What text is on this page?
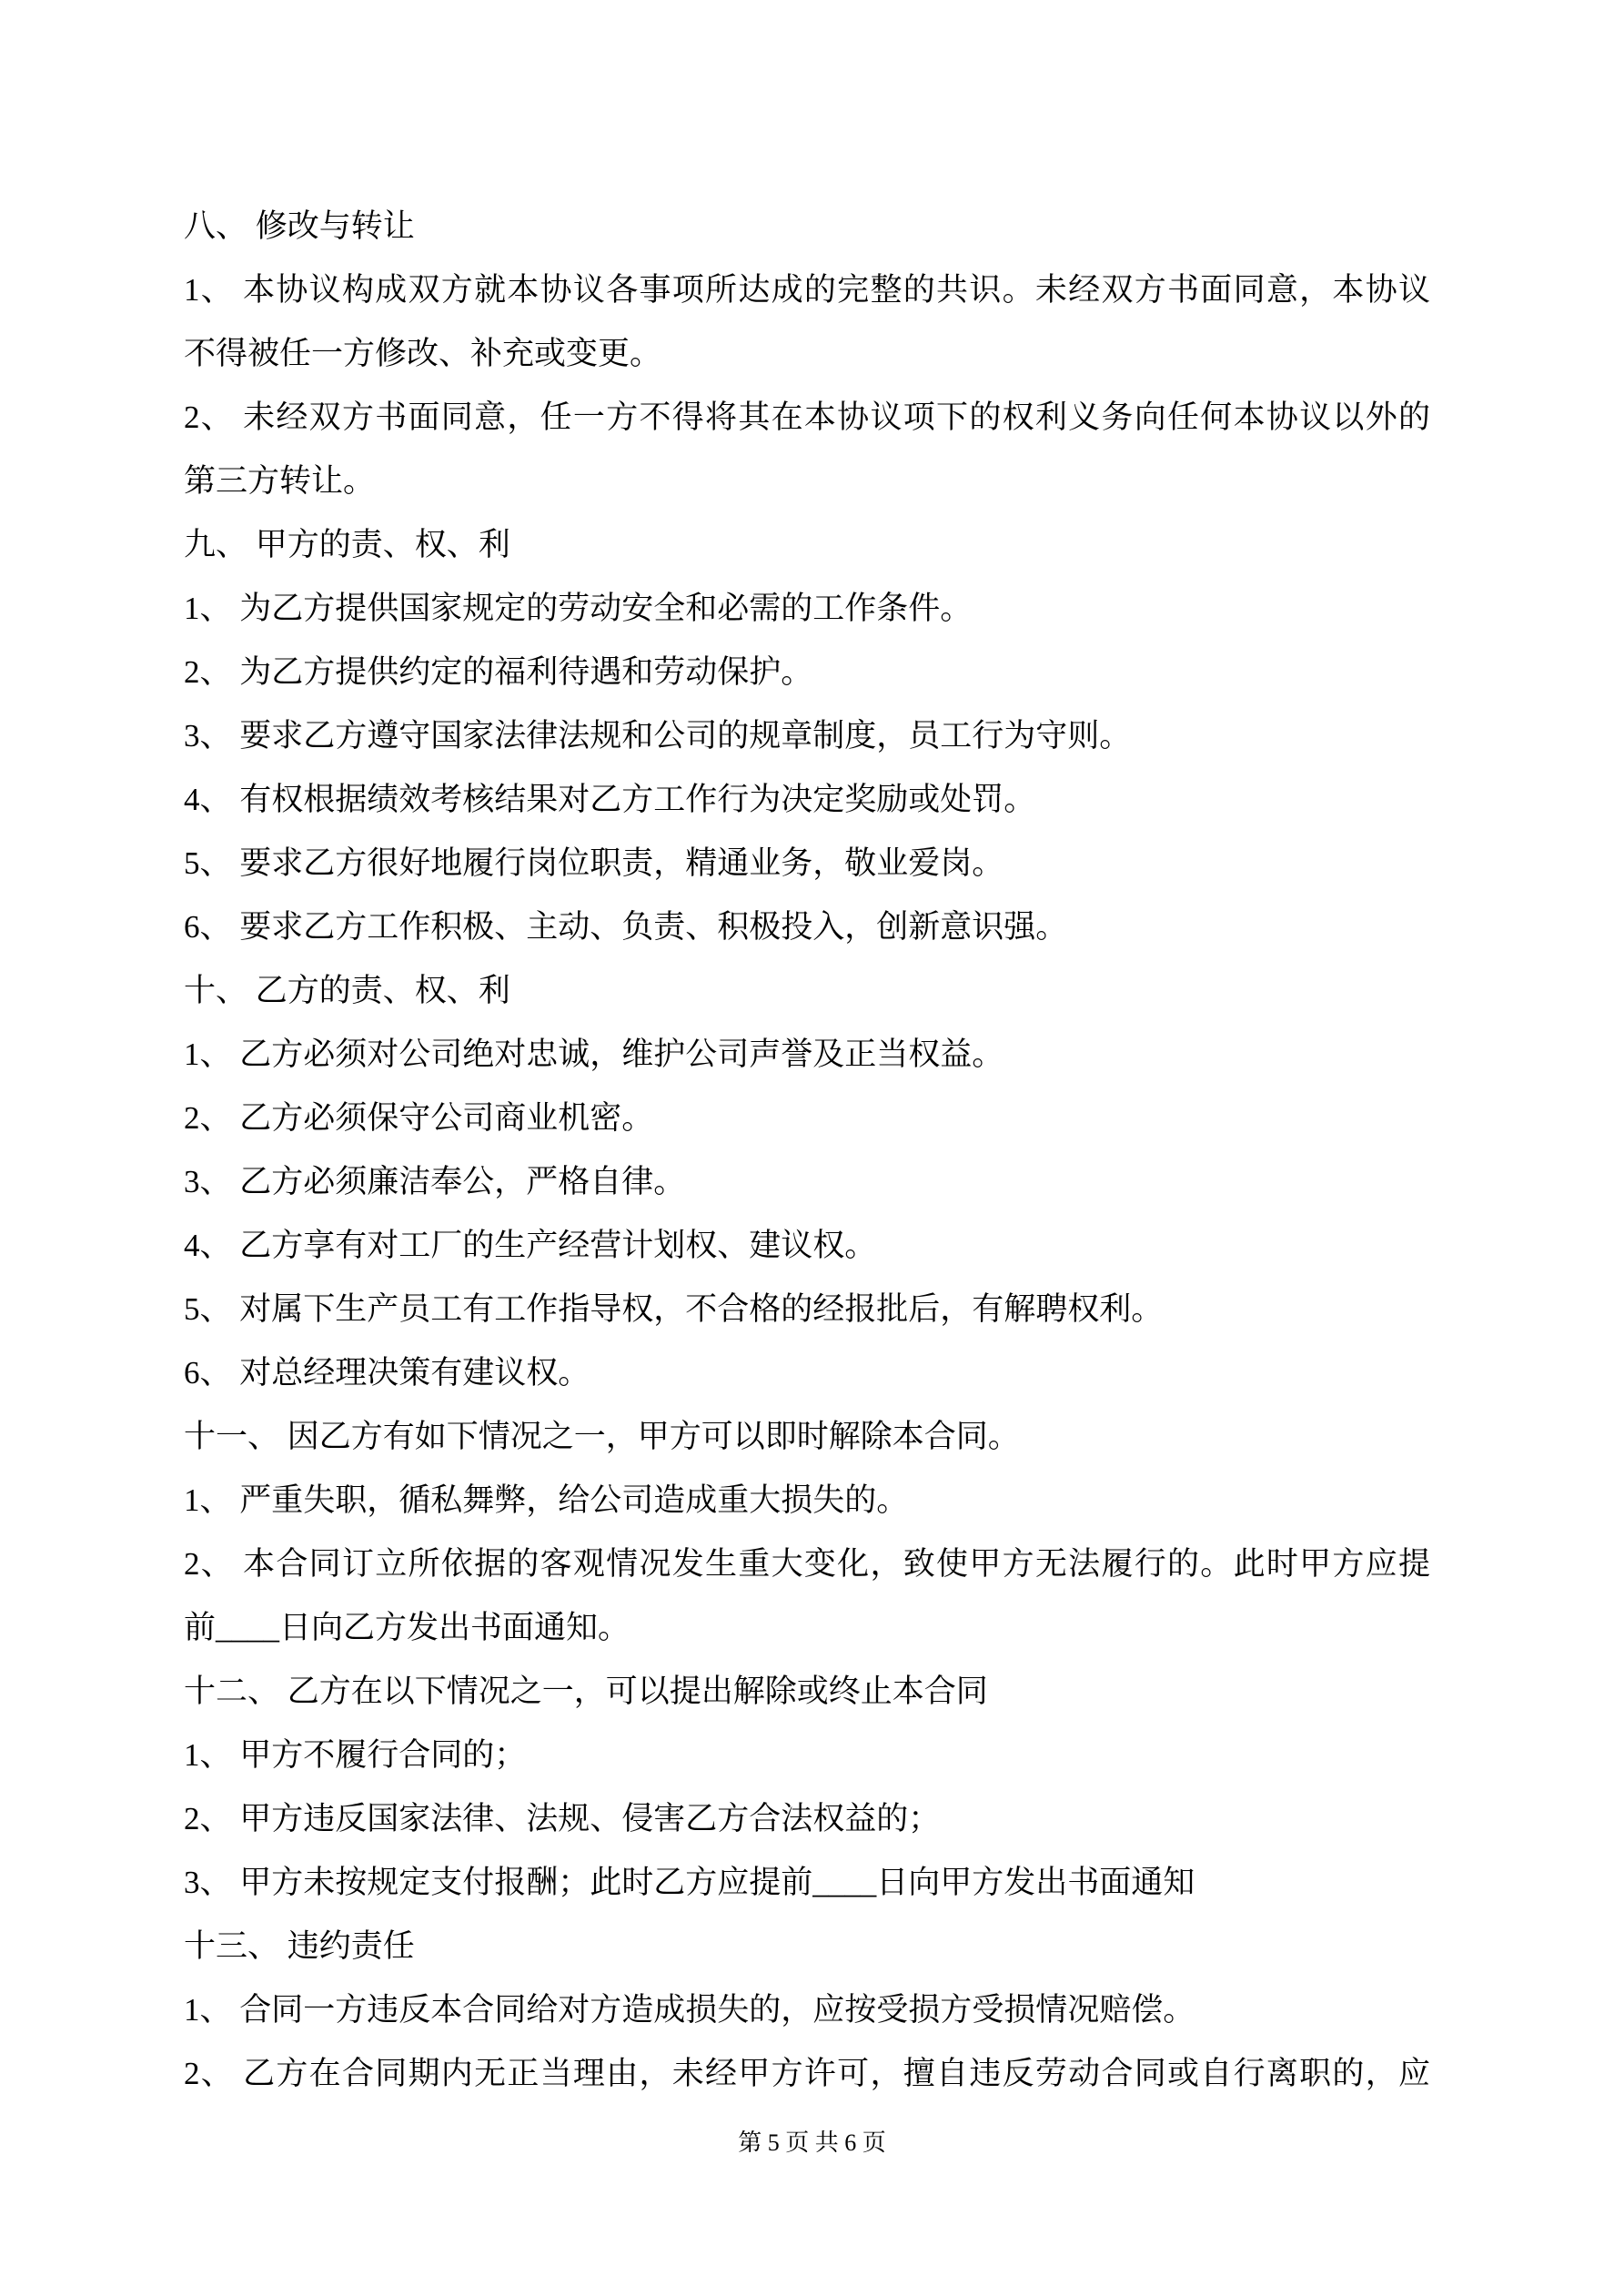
八、 修改与转让

1、 本协议构成双方就本协议各事项所达成的完整的共识。未经双方书面同意，本协议

不得被任一方修改、补充或变更。

2、 未经双方书面同意，任一方不得将其在本协议项下的权利义务向任何本协议以外的

第三方转让。

九、 甲方的责、权、利

1、 为乙方提供国家规定的劳动安全和必需的工作条件。

2、 为乙方提供约定的福利待遇和劳动保护。

3、 要求乙方遵守国家法律法规和公司的规章制度，员工行为守则。

4、 有权根据绩效考核结果对乙方工作行为决定奖励或处罚。

5、 要求乙方很好地履行岗位职责，精通业务，敬业爱岗。

6、 要求乙方工作积极、主动、负责、积极投入，创新意识强。

十、 乙方的责、权、利

1、 乙方必须对公司绝对忠诚，维护公司声誉及正当权益。

2、 乙方必须保守公司商业机密。

3、 乙方必须廉洁奉公，严格自律。

4、 乙方享有对工厂的生产经营计划权、建议权。

5、 对属下生产员工有工作指导权，不合格的经报批后，有解聘权利。

6、 对总经理决策有建议权。

十一、 因乙方有如下情况之一，甲方可以即时解除本合同。

1、 严重失职，循私舞弊，给公司造成重大损失的。

2、 本合同订立所依据的客观情况发生重大变化，致使甲方无法履行的。此时甲方应提

前____日向乙方发出书面通知。

十二、 乙方在以下情况之一，可以提出解除或终止本合同

1、 甲方不履行合同的；

2、 甲方违反国家法律、法规、侵害乙方合法权益的；

3、 甲方未按规定支付报酬；此时乙方应提前____日向甲方发出书面通知

十三、 违约责任

1、 合同一方违反本合同给对方造成损失的，应按受损方受损情况赔偿。

2、 乙方在合同期内无正当理由，未经甲方许可，擅自违反劳动合同或自行离职的，应

第 5 页 共 6 页
